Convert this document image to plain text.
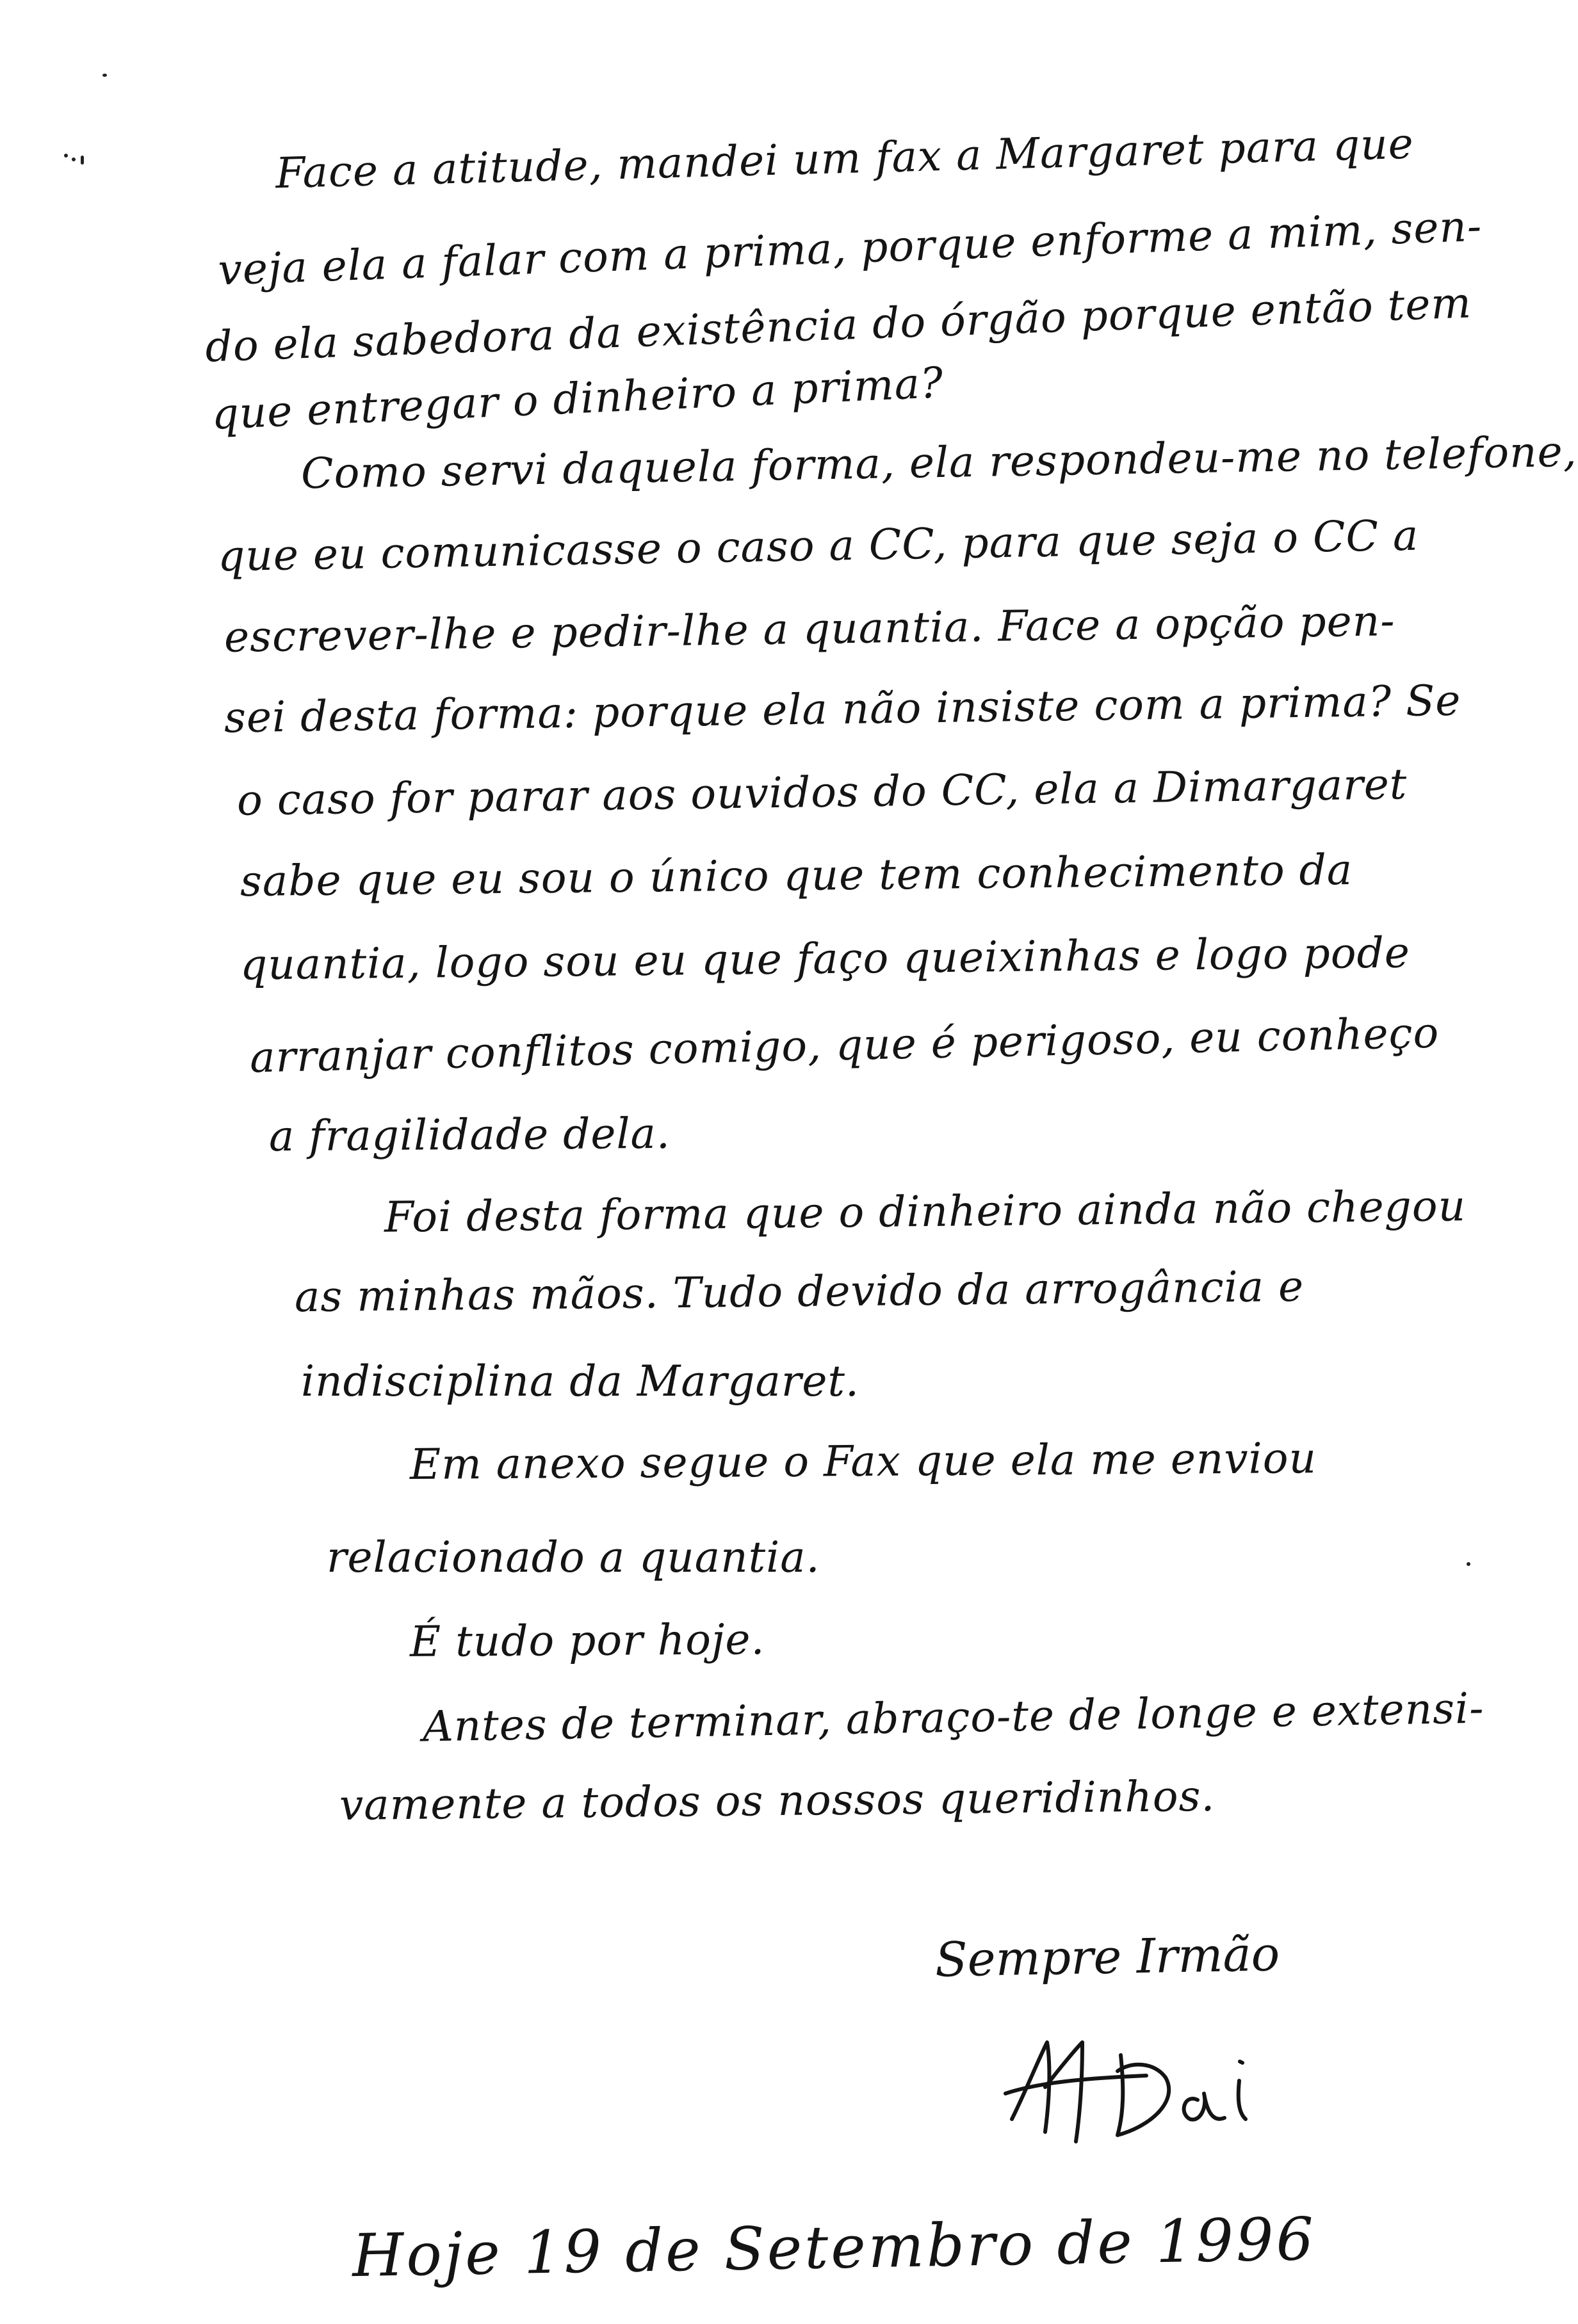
Face a atitude, mandei um fax a Margaret para que
veja ela a falar com a prima, porque enforme a mim, sen-
do ela sabedora da existência do órgão porque então tem
que entregar o dinheiro a prima?
Como servi daquela forma, ela respondeu-me no telefone,
que eu comunicasse o caso a CC, para que seja o CC a
escrever-lhe e pedir-lhe a quantia. Face a opção pen-
sei desta forma: porque ela não insiste com a prima? Se
o caso for parar aos ouvidos do CC, ela a Dimargaret
sabe que eu sou o único que tem conhecimento da
quantia, logo sou eu que faço queixinhas e logo pode
arranjar conflitos comigo, que é perigoso, eu conheço
a fragilidade dela.
Foi desta forma que o dinheiro ainda não chegou
as minhas mãos. Tudo devido da arrogância e
indisciplina da Margaret.
Em anexo segue o Fax que ela me enviou
relacionado a quantia.
É tudo por hoje.
Antes de terminar, abraço-te de longe e extensi-
vamente a todos os nossos queridinhos.
Sempre Irmão
Hoje 19 de Setembro de 1996
